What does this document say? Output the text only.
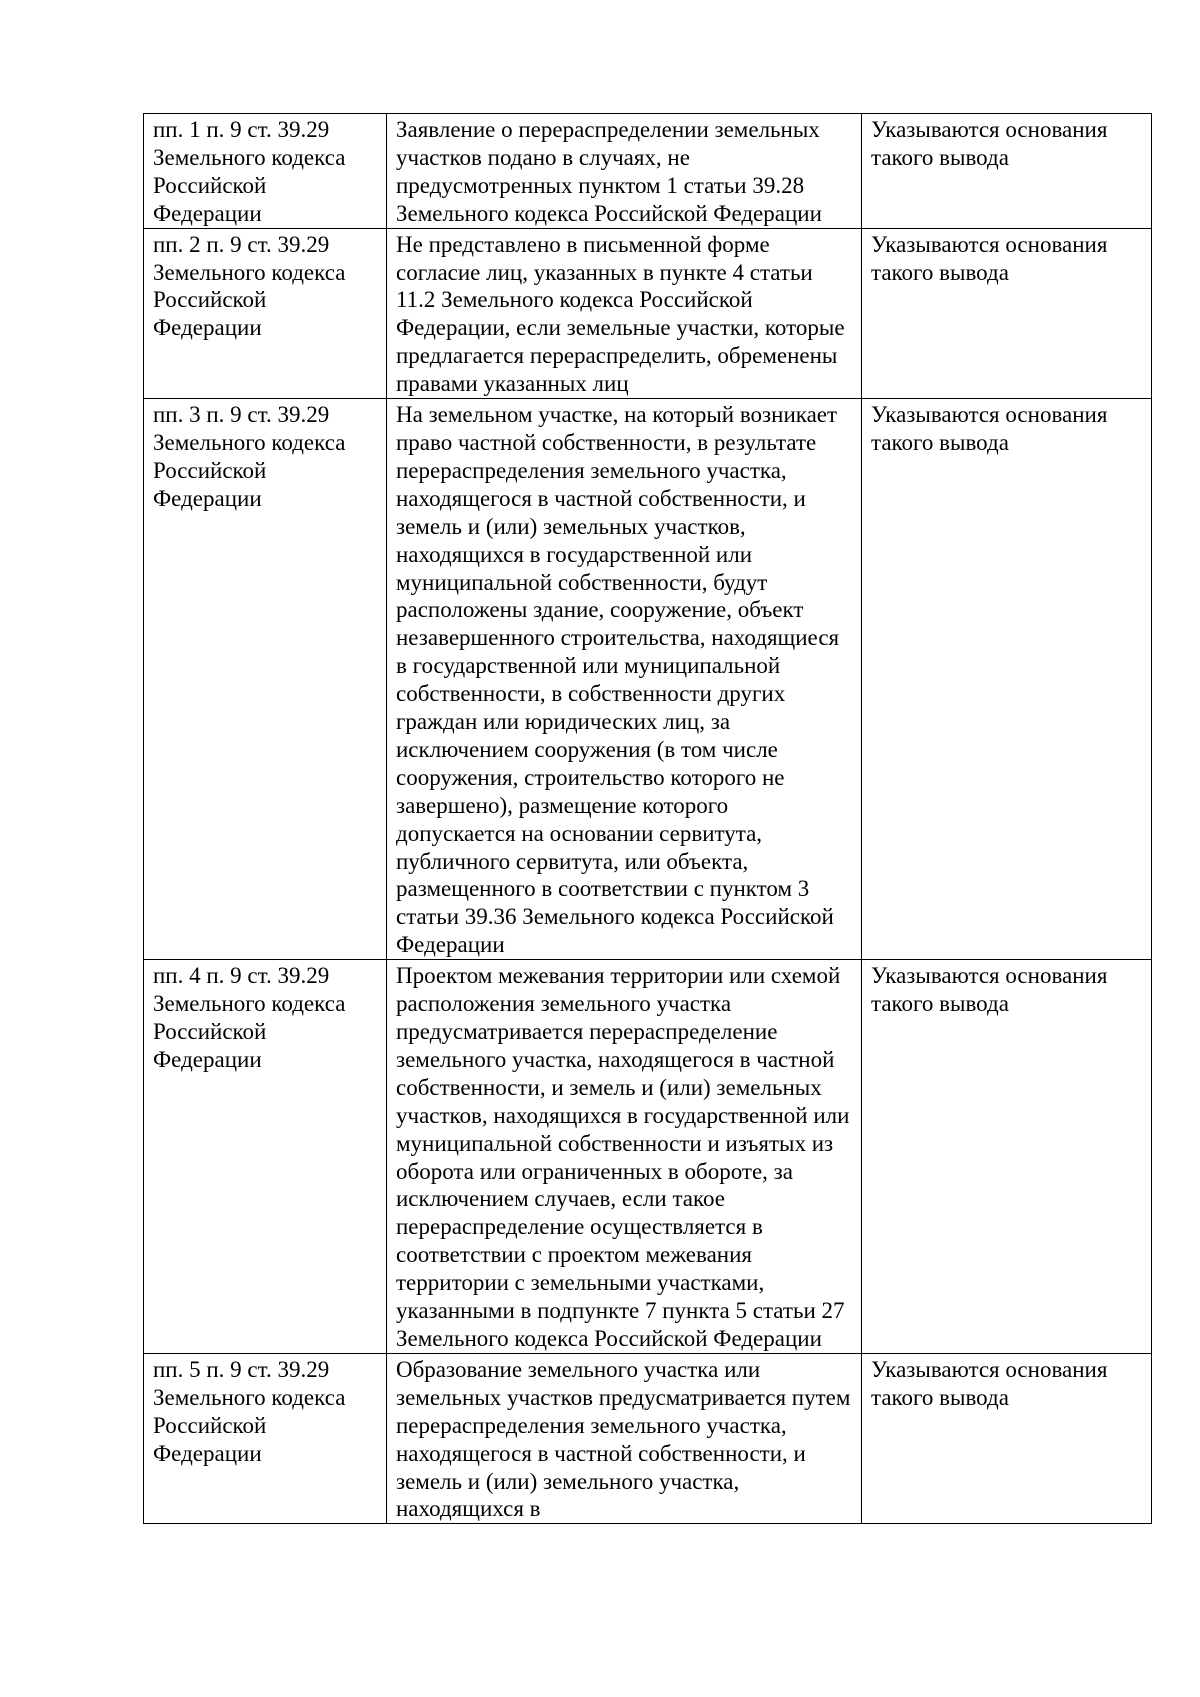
пп. 1 п. 9 ст. 39.29 Земельного кодекса Российской Федерации	Заявление о перераспределении земельных участков подано в случаях, не предусмотренных пунктом 1 статьи 39.28 Земельного кодекса Российской Федерации	Указываются основания такого вывода
пп. 2 п. 9 ст. 39.29 Земельного кодекса Российской Федерации	Не представлено в письменной форме согласие лиц, указанных в пункте 4 статьи 11.2 Земельного кодекса Российской Федерации, если земельные участки, которые предлагается перераспределить, обременены правами указанных лиц	Указываются основания такого вывода
пп. 3 п. 9 ст. 39.29 Земельного кодекса Российской Федерации	На земельном участке, на который возникает право частной собственности, в результате перераспределения земельного участка, находящегося в частной собственности, и земель и (или) земельных участков, находящихся в государственной или муниципальной собственности, будут расположены здание, сооружение, объект незавершенного строительства, находящиеся в государственной или муниципальной собственности, в собственности других граждан или юридических лиц, за исключением сооружения (в том числе сооружения, строительство которого не завершено), размещение которого допускается на основании сервитута, публичного сервитута, или объекта, размещенного в соответствии с пунктом 3 статьи 39.36 Земельного кодекса Российской Федерации	Указываются основания такого вывода
пп. 4 п. 9 ст. 39.29 Земельного кодекса Российской Федерации	Проектом межевания территории или схемой расположения земельного участка предусматривается перераспределение земельного участка, находящегося в частной собственности, и земель и (или) земельных участков, находящихся в государственной или муниципальной собственности и изъятых из оборота или ограниченных в обороте, за исключением случаев, если такое перераспределение осуществляется в соответствии с проектом межевания территории с земельными участками, указанными в подпункте 7 пункта 5 статьи 27 Земельного кодекса Российской Федерации	Указываются основания такого вывода
пп. 5 п. 9 ст. 39.29 Земельного кодекса Российской Федерации	Образование земельного участка или земельных участков предусматривается путем перераспределения земельного участка, находящегося в частной собственности, и земель и (или) земельного участка, находящихся в	Указываются основания такого вывода
